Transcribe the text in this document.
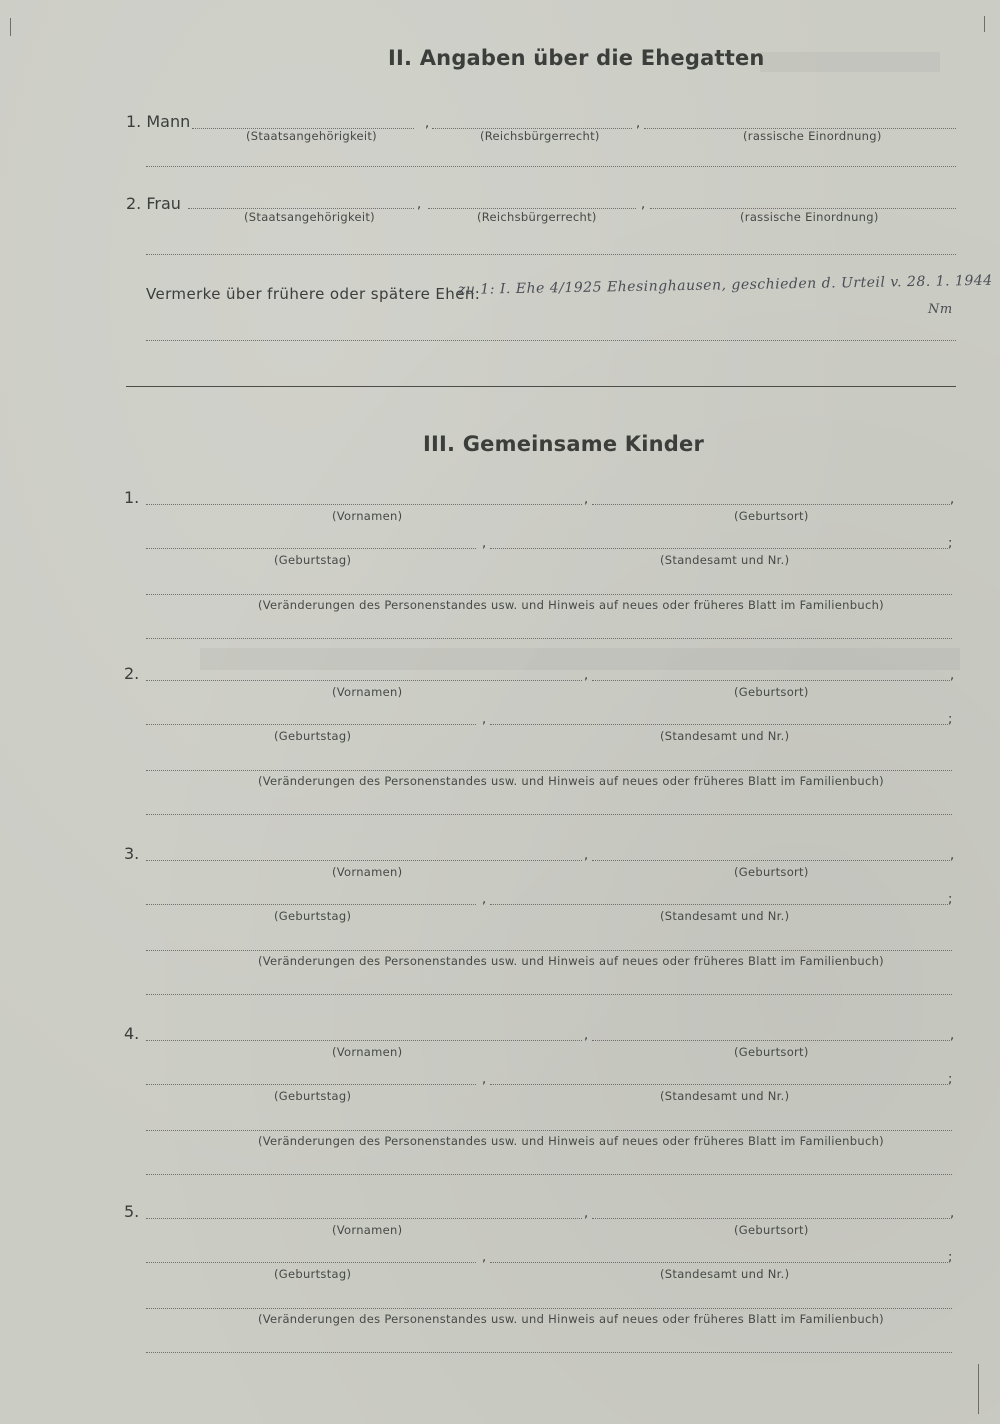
II. Angaben über die Ehegatten
1. Mann	,	,
(Staatsangehörigkeit)	(Reichsbürgerrecht)	(rassische Einordnung)
2. Frau	,	,
(Staatsangehörigkeit)	(Reichsbürgerrecht)	(rassische Einordnung)
Vermerke über frühere oder spätere Ehen:
zu 1: I. Ehe 4/1925 Ehesinghausen, geschieden d. Urteil v. 28. 1. 1944
Nm
III. Gemeinsame Kinder
1.	,	,
(Vornamen)	(Geburtsort)
,	;
(Geburtstag)	(Standesamt und Nr.)
(Veränderungen des Personenstandes usw. und Hinweis auf neues oder früheres Blatt im Familienbuch)
2.	,	,
(Vornamen)	(Geburtsort)
,	;
(Geburtstag)	(Standesamt und Nr.)
(Veränderungen des Personenstandes usw. und Hinweis auf neues oder früheres Blatt im Familienbuch)
3.	,	,
(Vornamen)	(Geburtsort)
,	;
(Geburtstag)	(Standesamt und Nr.)
(Veränderungen des Personenstandes usw. und Hinweis auf neues oder früheres Blatt im Familienbuch)
4.	,	,
(Vornamen)	(Geburtsort)
,	;
(Geburtstag)	(Standesamt und Nr.)
(Veränderungen des Personenstandes usw. und Hinweis auf neues oder früheres Blatt im Familienbuch)
5.	,	,
(Vornamen)	(Geburtsort)
,	;
(Geburtstag)	(Standesamt und Nr.)
(Veränderungen des Personenstandes usw. und Hinweis auf neues oder früheres Blatt im Familienbuch)
